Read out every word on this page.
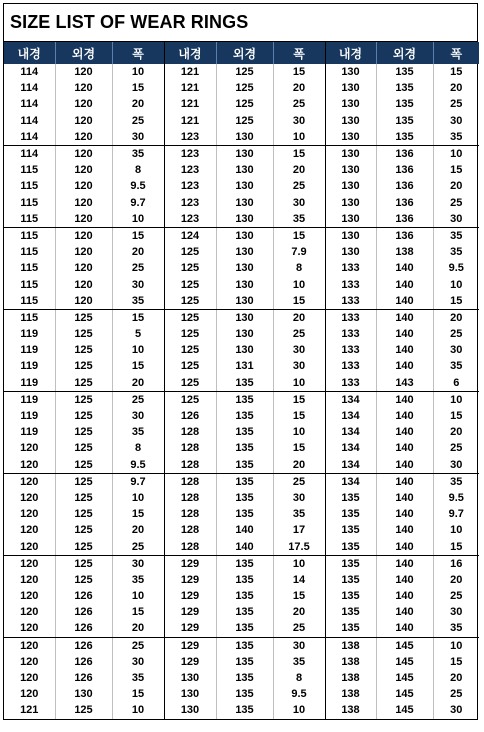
SIZE LIST OF WEAR RINGS
내경	외경	폭	내경	외경	폭	내경	외경	폭
114	120	10	121	125	15	130	135	15
114	120	15	121	125	20	130	135	20
114	120	20	121	125	25	130	135	25
114	120	25	121	125	30	130	135	30
114	120	30	123	130	10	130	135	35
114	120	35	123	130	15	130	136	10
115	120	8	123	130	20	130	136	15
115	120	9.5	123	130	25	130	136	20
115	120	9.7	123	130	30	130	136	25
115	120	10	123	130	35	130	136	30
115	120	15	124	130	15	130	136	35
115	120	20	125	130	7.9	130	138	35
115	120	25	125	130	8	133	140	9.5
115	120	30	125	130	10	133	140	10
115	120	35	125	130	15	133	140	15
115	125	15	125	130	20	133	140	20
119	125	5	125	130	25	133	140	25
119	125	10	125	130	30	133	140	30
119	125	15	125	131	30	133	140	35
119	125	20	125	135	10	133	143	6
119	125	25	125	135	15	134	140	10
119	125	30	126	135	15	134	140	15
119	125	35	128	135	10	134	140	20
120	125	8	128	135	15	134	140	25
120	125	9.5	128	135	20	134	140	30
120	125	9.7	128	135	25	134	140	35
120	125	10	128	135	30	135	140	9.5
120	125	15	128	135	35	135	140	9.7
120	125	20	128	140	17	135	140	10
120	125	25	128	140	17.5	135	140	15
120	125	30	129	135	10	135	140	16
120	125	35	129	135	14	135	140	20
120	126	10	129	135	15	135	140	25
120	126	15	129	135	20	135	140	30
120	126	20	129	135	25	135	140	35
120	126	25	129	135	30	138	145	10
120	126	30	129	135	35	138	145	15
120	126	35	130	135	8	138	145	20
120	130	15	130	135	9.5	138	145	25
121	125	10	130	135	10	138	145	30
